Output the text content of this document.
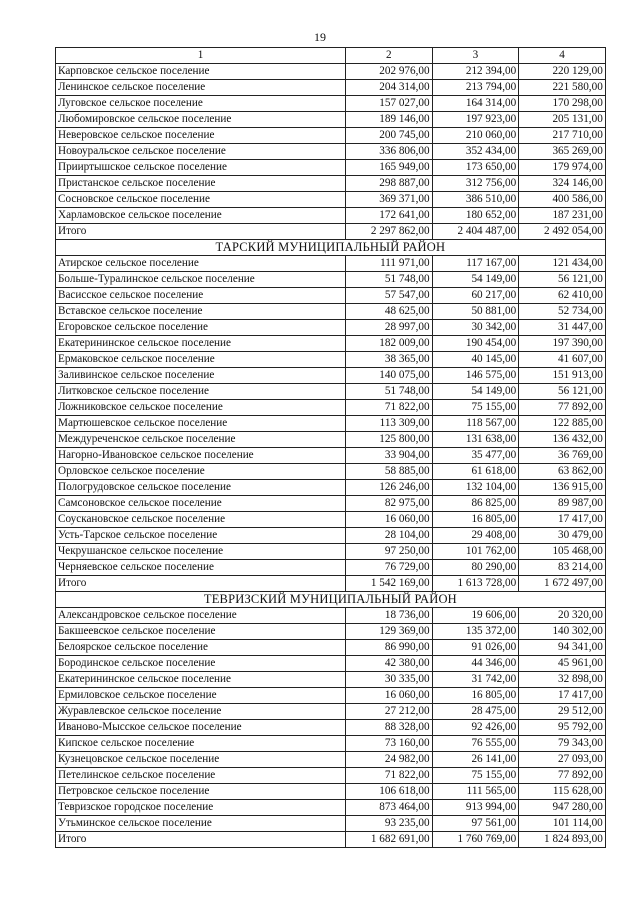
19
1	2	3	4
Карповское сельское поселение	202 976,00	212 394,00	220 129,00
Ленинское сельское поселение	204 314,00	213 794,00	221 580,00
Луговское сельское поселение	157 027,00	164 314,00	170 298,00
Любомировское сельское поселение	189 146,00	197 923,00	205 131,00
Неверовское сельское поселение	200 745,00	210 060,00	217 710,00
Новоуральское сельское поселение	336 806,00	352 434,00	365 269,00
Прииртышское сельское поселение	165 949,00	173 650,00	179 974,00
Пристанское сельское поселение	298 887,00	312 756,00	324 146,00
Сосновское сельское поселение	369 371,00	386 510,00	400 586,00
Харламовское сельское поселение	172 641,00	180 652,00	187 231,00
Итого	2 297 862,00	2 404 487,00	2 492 054,00
ТАРСКИЙ МУНИЦИПАЛЬНЫЙ РАЙОН			
Атирское сельское поселение	111 971,00	117 167,00	121 434,00
Больше-Туралинское сельское поселение	51 748,00	54 149,00	56 121,00
Васисское сельское поселение	57 547,00	60 217,00	62 410,00
Вставское сельское поселение	48 625,00	50 881,00	52 734,00
Егоровское сельское поселение	28 997,00	30 342,00	31 447,00
Екатерининское сельское поселение	182 009,00	190 454,00	197 390,00
Ермаковское сельское поселение	38 365,00	40 145,00	41 607,00
Заливинское сельское поселение	140 075,00	146 575,00	151 913,00
Литковское сельское поселение	51 748,00	54 149,00	56 121,00
Ложниковское сельское поселение	71 822,00	75 155,00	77 892,00
Мартюшевское сельское поселение	113 309,00	118 567,00	122 885,00
Междуреченское сельское поселение	125 800,00	131 638,00	136 432,00
Нагорно-Ивановское сельское поселение	33 904,00	35 477,00	36 769,00
Орловское сельское поселение	58 885,00	61 618,00	63 862,00
Пологрудовское сельское поселение	126 246,00	132 104,00	136 915,00
Самсоновское сельское поселение	82 975,00	86 825,00	89 987,00
Соускановское сельское поселение	16 060,00	16 805,00	17 417,00
Усть-Тарское сельское поселение	28 104,00	29 408,00	30 479,00
Чекрушанское сельское поселение	97 250,00	101 762,00	105 468,00
Черняевское сельское поселение	76 729,00	80 290,00	83 214,00
Итого	1 542 169,00	1 613 728,00	1 672 497,00
ТЕВРИЗСКИЙ МУНИЦИПАЛЬНЫЙ РАЙОН			
Александровское сельское поселение	18 736,00	19 606,00	20 320,00
Бакшеевское сельское поселение	129 369,00	135 372,00	140 302,00
Белоярское сельское поселение	86 990,00	91 026,00	94 341,00
Бородинское сельское поселение	42 380,00	44 346,00	45 961,00
Екатерининское сельское поселение	30 335,00	31 742,00	32 898,00
Ермиловское сельское поселение	16 060,00	16 805,00	17 417,00
Журавлевское сельское поселение	27 212,00	28 475,00	29 512,00
Иваново-Мысское сельское поселение	88 328,00	92 426,00	95 792,00
Кипское сельское поселение	73 160,00	76 555,00	79 343,00
Кузнецовское сельское поселение	24 982,00	26 141,00	27 093,00
Петелинское сельское поселение	71 822,00	75 155,00	77 892,00
Петровское сельское поселение	106 618,00	111 565,00	115 628,00
Тевризское городское поселение	873 464,00	913 994,00	947 280,00
Утьминское сельское поселение	93 235,00	97 561,00	101 114,00
Итого	1 682 691,00	1 760 769,00	1 824 893,00
